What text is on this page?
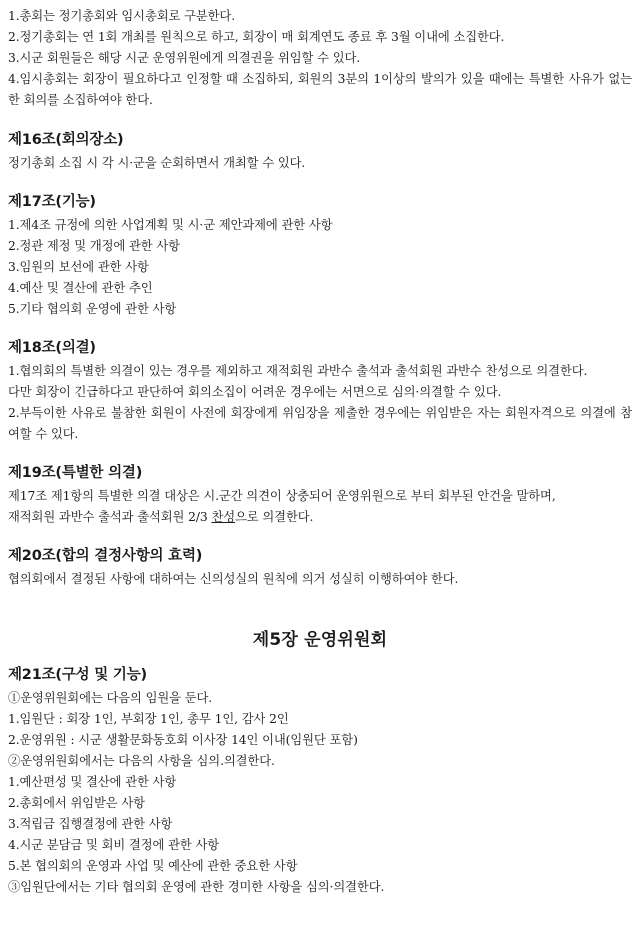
1.총회는 정기총회와 임시총회로 구분한다.
2.정기총회는 연 1회 개최를 원칙으로 하고, 회장이 매 회계연도 종료 후 3월 이내에 소집한다.
3.시군 회원들은 해당 시군 운영위원에게 의결권을 위임할 수 있다.
4.임시총회는 회장이 필요하다고 인정할 때 소집하되, 회원의 3분의 1이상의 발의가 있을 때에는 특별한 사유가 없는 한 회의를 소집하여야 한다.
제16조(회의장소)
정기총회 소집 시 각 시·군을 순회하면서 개최할 수 있다.
제17조(기능)
1.제4조 규정에 의한 사업계획 및 시·군 제안과제에 관한 사항
2.정관 제정 및 개정에 관한 사항
3.임원의 보선에 관한 사항
4.예산 및 결산에 관한 추인
5.기타 협의회 운영에 관한 사항
제18조(의결)
1.협의회의 특별한 의결이 있는 경우를 제외하고 재적회원 과반수 출석과 출석회원 과반수 찬성으로 의결한다.
다만 회장이 긴급하다고 판단하여 회의소집이 어려운 경우에는 서면으로 심의·의결할 수 있다.
2.부득이한 사유로 불참한 회원이 사전에 회장에게 위임장을 제출한 경우에는 위임받은 자는 회원자격으로 의결에 참여할 수 있다.
제19조(특별한 의결)
제17조 제1항의 특별한 의결 대상은 시.군간 의견이 상충되어 운영위원으로 부터 회부된 안건을 말하며,
재적회원 과반수 출석과 출석회원 2/3 찬성으로 의결한다.
제20조(합의 결정사항의 효력)
협의회에서 결정된 사항에 대하여는 신의성실의 원칙에 의거 성실히 이행하여야 한다.
제5장 운영위원회
제21조(구성 및 기능)
①운영위원회에는 다음의 임원을 둔다.
1.임원단 : 회장 1인, 부회장 1인, 총무 1인, 감사 2인
2.운영위원 : 시군 생활문화동호회 이사장 14인 이내(임원단 포함)
②운영위원회에서는 다음의 사항을 심의.의결한다.
1.예산편성 및 결산에 관한 사항
2.총회에서 위임받은 사항
3.적립금 집행결정에 관한 사항
4.시군 분담금 및 회비 결정에 관한 사항
5.본 협의회의 운영과 사업 및 예산에 관한 중요한 사항
③임원단에서는 기타 협의회 운영에 관한 경미한 사항을 심의·의결한다.
